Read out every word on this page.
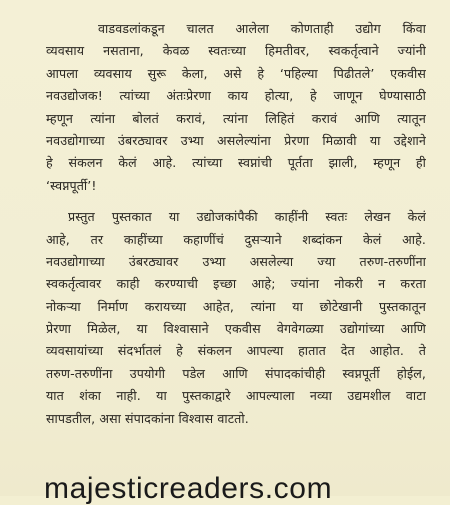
वाडवडलांकडून चालत आलेला कोणताही उद्योग किंवा
व्यवसाय नसताना, केवळ स्वतःच्या हिमतीवर, स्वकर्तृत्वाने ज्यांनी
आपला व्यवसाय सुरू केला, असे हे ‘पहिल्या पिढीतले’ एकवीस
नवउद्योजक! त्यांच्या अंतःप्रेरणा काय होत्या, हे जाणून घेण्यासाठी
म्हणून त्यांना बोलतं करावं, त्यांना लिहितं करावं आणि त्यातून
नवउद्योगाच्या उंबरठ्यावर उभ्या असलेल्यांना प्रेरणा मिळावी या उद्देशाने
हे संकलन केलं आहे. त्यांच्या स्वप्नांची पूर्तता झाली, म्हणून ही
‘स्वप्नपूर्ती’!
प्रस्तुत पुस्तकात या उद्योजकांपैकी काहींनी स्वतः लेखन केलं
आहे, तर काहींच्या कहाणींचं दुसऱ्याने शब्दांकन केलं आहे.
नवउद्योगाच्या उंबरठ्यावर उभ्या असलेल्या ज्या तरुण-तरुणींना
स्वकर्तृत्वावर काही करण्याची इच्छा आहे; ज्यांना नोकरी न करता
नोकऱ्या निर्माण करायच्या आहेत, त्यांना या छोटेखानी पुस्तकातून
प्रेरणा मिळेल, या विश्वासाने एकवीस वेगवेगळ्या उद्योगांच्या आणि
व्यवसायांच्या संदर्भातलं हे संकलन आपल्या हातात देत आहोत. ते
तरुण-तरुणींना उपयोगी पडेल आणि संपादकांचीही स्वप्नपूर्ती होईल,
यात शंका नाही. या पुस्तकाद्वारे आपल्याला नव्या उद्यमशील वाटा
सापडतील, असा संपादकांना विश्वास वाटतो.
majesticreaders.com
